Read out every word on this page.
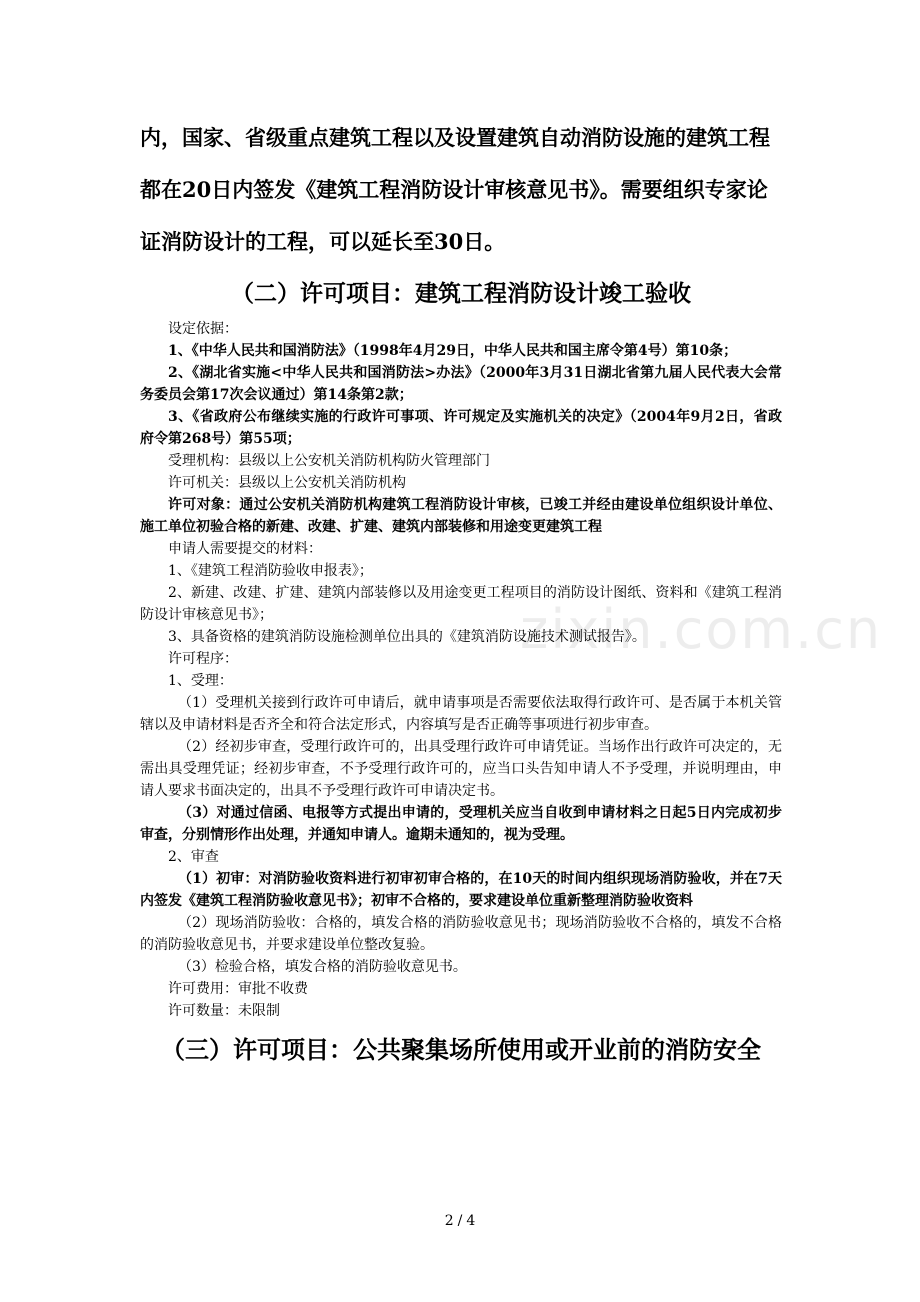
zixin.com.cn

内，国家、省级重点建筑工程以及设置建筑自动消防设施的建筑工程

都在20日内签发《建筑工程消防设计审核意见书》。需要组织专家论

证消防设计的工程，可以延长至30日。

（二）许可项目：建筑工程消防设计竣工验收

设定依据：

1、《中华人民共和国消防法》（1998年4月29日，中华人民共和国主席令第4号）第10条；

2、《湖北省实施<中华人民共和国消防法>办法》（2000年3月31日湖北省第九届人民代表大会常务委员会第17次会议通过）第14条第2款；

3、《省政府公布继续实施的行政许可事项、许可规定及实施机关的决定》（2004年9月2日，省政府令第268号）第55项；

受理机构：县级以上公安机关消防机构防火管理部门

许可机关：县级以上公安机关消防机构

许可对象：通过公安机关消防机构建筑工程消防设计审核，已竣工并经由建设单位组织设计单位、施工单位初验合格的新建、改建、扩建、建筑内部装修和用途变更建筑工程

申请人需要提交的材料：

1、《建筑工程消防验收申报表》；

2、新建、改建、扩建、建筑内部装修以及用途变更工程项目的消防设计图纸、资料和《建筑工程消防设计审核意见书》；

3、具备资格的建筑消防设施检测单位出具的《建筑消防设施技术测试报告》。

许可程序：

1、受理：

（1）受理机关接到行政许可申请后，就申请事项是否需要依法取得行政许可、是否属于本机关管辖以及申请材料是否齐全和符合法定形式，内容填写是否正确等事项进行初步审查。

（2）经初步审查，受理行政许可的，出具受理行政许可申请凭证。当场作出行政许可决定的，无需出具受理凭证；经初步审查，不予受理行政许可的，应当口头告知申请人不予受理，并说明理由，申请人要求书面决定的，出具不予受理行政许可申请决定书。

（3）对通过信函、电报等方式提出申请的，受理机关应当自收到申请材料之日起5日内完成初步审查，分别情形作出处理，并通知申请人。逾期未通知的，视为受理。

2、审查

（1）初审：对消防验收资料进行初审初审合格的，在10天的时间内组织现场消防验收，并在7天内签发《建筑工程消防验收意见书》；初审不合格的，要求建设单位重新整理消防验收资料

（2）现场消防验收：合格的，填发合格的消防验收意见书；现场消防验收不合格的，填发不合格的消防验收意见书，并要求建设单位整改复验。

（3）检验合格，填发合格的消防验收意见书。

许可费用：审批不收费

许可数量：未限制

（三）许可项目：公共聚集场所使用或开业前的消防安全
2 / 4
